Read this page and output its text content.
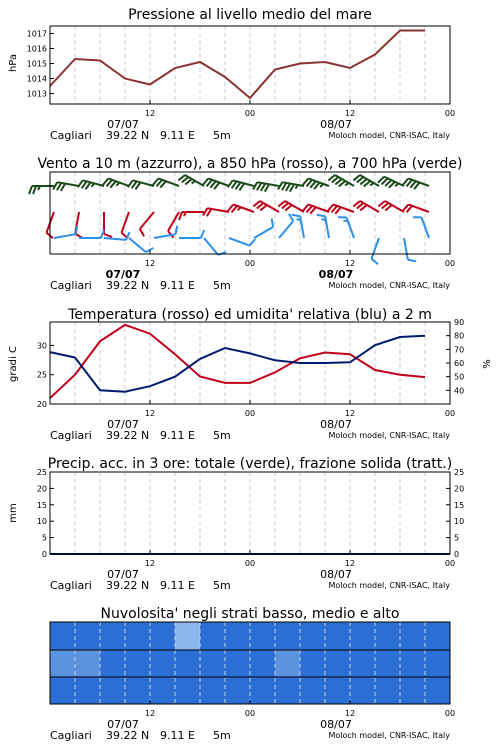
Pressione al livello medio del mare
hPa
1013
1014
1015
1016
1017
12	00	12	00
07/07	08/07
Cagliari 39.22 N 9.11 E 5m	Moloch model, CNR-ISAC, Italy
Vento a 10 m (azzurro), a 850 hPa (rosso), a 700 hPa (verde)
12	00	12	00
07/07	08/07
Cagliari 39.22 N 9.11 E 5m	Moloch model, CNR-ISAC, Italy
Temperatura (rosso) ed umidita' relativa (blu) a 2 m
gradi C	%
20
25
30
40
50
60
70
80
90
12	00	12	00
07/07	08/07
Cagliari 39.22 N 9.11 E 5m	Moloch model, CNR-ISAC, Italy
Precip. acc. in 3 ore: totale (verde), frazione solida (tratt.)
mm
0
5
10
15
20
25
0
5
10
15
20
25
12	00	12	00
07/07	08/07
Cagliari 39.22 N 9.11 E 5m	Moloch model, CNR-ISAC, Italy
Nuvolosita' negli strati basso, medio e alto
12	00	12	00
07/07	08/07
Cagliari 39.22 N 9.11 E 5m	Moloch model, CNR-ISAC, Italy
